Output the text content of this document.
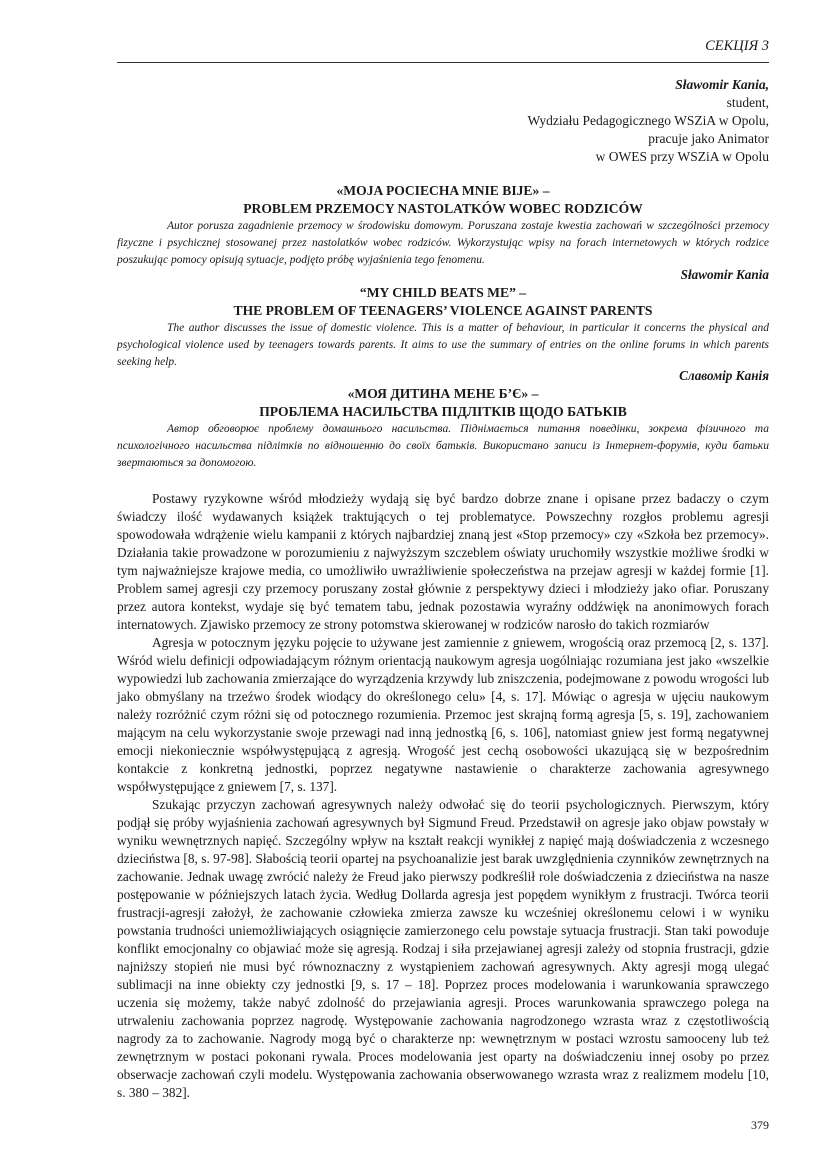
СЕКЦІЯ 3
Sławomir Kania,
student,
Wydziału Pedagogicznego WSZiA w Opolu,
pracuje jako Animator
w OWES przy WSZiA w Opolu

«MOJA POCIECHA MNIE BIJE» –

PROBLEM PRZEMOCY NASTOLATKÓW WOBEC RODZICÓW

Autor porusza zagadnienie przemocy w środowisku domowym. Poruszana zostaje kwestia zachowań w szczególności przemocy fizyczne i psychicznej stosowanej przez nastolatków wobec rodziców. Wykorzystując wpisy na forach internetowych w których rodzice poszukując pomocy opisują sytuacje, podjęto próbę wyjaśnienia tego fenomenu.

Sławomir Kania

“MY CHILD BEATS ME” –

THE PROBLEM OF TEENAGERS’ VIOLENCE AGAINST PARENTS

The author discusses the issue of domestic violence. This is a matter of behaviour, in particular it concerns the physical and psychological violence used by teenagers towards parents. It aims to use the summary of entries on the online forums in which parents seeking help.

Славомір Канія

«МОЯ ДИТИНА МЕНЕ Б’Є» –

ПРОБЛЕМА НАСИЛЬСТВА ПІДЛІТКІВ ЩОДО БАТЬКІВ

Автор обговорює проблему домашнього насильства. Піднімається питання поведінки, зокрема фізичного та психологічного насильства підлітків по відношенню до своїх батьків. Використано записи із Інтернет-форумів, куди батьки звертаються за допомогою.

Postawy ryzykowne wśród młodzieży wydają się być bardzo dobrze znane i opisane przez badaczy o czym świadczy ilość wydawanych książek traktujących o tej problematyce. Powszechny rozgłos problemu agresji spowodowała wdrążenie wielu kampanii z których najbardziej znaną jest «Stop przemocy» czy «Szkoła bez przemocy». Działania takie prowadzone w porozumieniu z najwyższym szczeblem oświaty uruchomiły wszystkie możliwe środki w tym najważniejsze krajowe media, co umożliwiło uwrażliwienie społeczeństwa na przejaw agresji w każdej formie [1]. Problem samej agresji czy przemocy poruszany został głównie z perspektywy dzieci i młodzieży jako ofiar. Poruszany przez autora kontekst, wydaje się być tematem tabu, jednak pozostawia wyraźny oddźwięk na anonimowych forach internatowych. Zjawisko przemocy ze strony potomstwa skierowanej w rodziców narosło do takich rozmiarów

Agresja w potocznym języku pojęcie to używane jest zamiennie z gniewem, wrogością oraz przemocą [2, s. 137]. Wśród wielu definicji odpowiadającym różnym orientacją naukowym agresja uogólniając rozumiana jest jako «wszelkie wypowiedzi lub zachowania zmierzające do wyrządzenia krzywdy lub zniszczenia, podejmowane z powodu wrogości lub jako obmyślany na trzeźwo środek wiodący do określonego celu» [4, s. 17]. Mówiąc o agresja w ujęciu naukowym należy rozróżnić czym różni się od potocznego rozumienia. Przemoc jest skrajną formą agresja [5, s. 19], zachowaniem mającym na celu wykorzystanie swoje przewagi nad inną jednostką [6, s. 106], natomiast gniew jest formą negatywnej emocji niekoniecznie współwystępującą z agresją. Wrogość jest cechą osobowości ukazującą się w bezpośrednim kontakcie z konkretną jednostki, poprzez negatywne nastawienie o charakterze zachowania agresywnego współwystępujące z gniewem [7, s. 137].

Szukając przyczyn zachowań agresywnych należy odwołać się do teorii psychologicznych. Pierwszym, który podjął się próby wyjaśnienia zachowań agresywnych był Sigmund Freud. Przedstawił on agresje jako objaw powstały w wyniku wewnętrznych napięć. Szczególny wpływ na kształt reakcji wynikłej z napięć mają doświadczenia z wczesnego dzieciństwa [8, s. 97-98]. Słabością teorii opartej na psychoanalizie jest barak uwzględnienia czynników zewnętrznych na zachowanie. Jednak uwagę zwrócić należy że Freud jako pierwszy podkreślił role doświadczenia z dzieciństwa na nasze postępowanie w późniejszych latach życia. Według Dollarda agresja jest popędem wynikłym z frustracji. Twórca teorii frustracji-agresji założył, że zachowanie człowieka zmierza zawsze ku wcześniej określonemu celowi i w wyniku powstania trudności uniemożliwiających osiągnięcie zamierzonego celu powstaje sytuacja frustracji. Stan taki powoduje konflikt emocjonalny co objawiać może się agresją. Rodzaj i siła przejawianej agresji zależy od stopnia frustracji, gdzie najniższy stopień nie musi być równoznaczny z wystąpieniem zachowań agresywnych. Akty agresji mogą ulegać sublimacji na inne obiekty czy jednostki [9, s. 17 – 18]. Poprzez proces modelowania i warunkowania sprawczego uczenia się możemy, także nabyć zdolność do przejawiania agresji. Proces warunkowania sprawczego polega na utrwaleniu zachowania poprzez nagrodę. Występowanie zachowania nagrodzonego wzrasta wraz z częstotliwością nagrody za to zachowanie. Nagrody mogą być o charakterze np: wewnętrznym w postaci wzrostu samooceny lub też zewnętrznym w postaci pokonani rywala. Proces modelowania jest oparty na doświadczeniu innej osoby po przez obserwacje zachowań czyli modelu. Występowania zachowania obserwowanego wzrasta wraz z realizmem modelu [10, s. 380 – 382].

379
